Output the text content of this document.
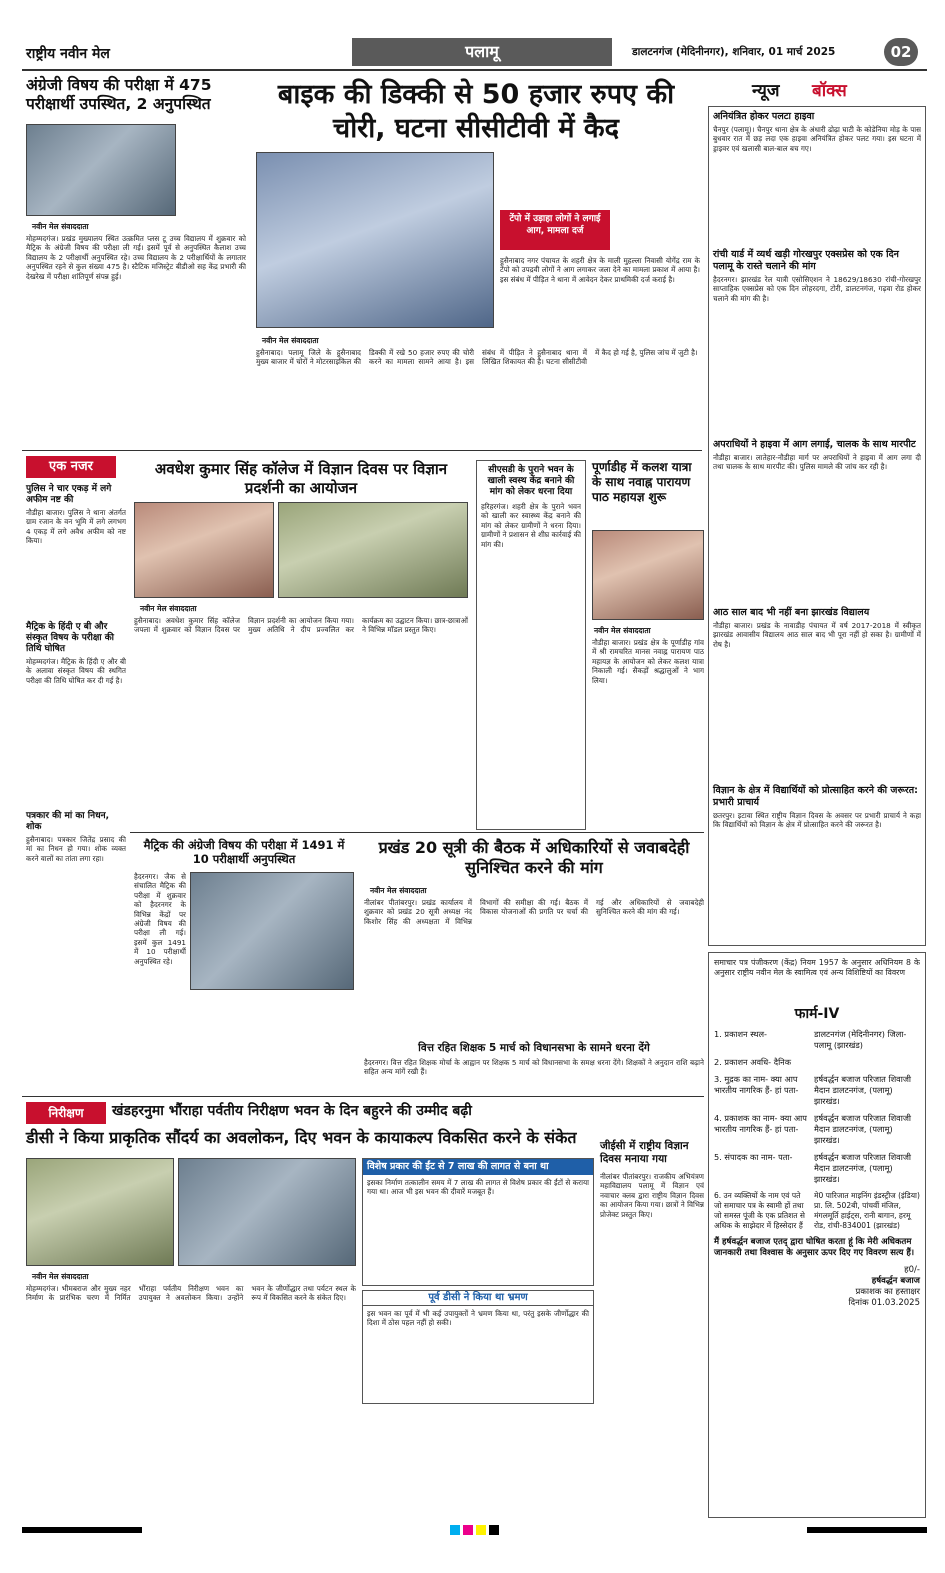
राष्ट्रीय नवीन मेल	पलामू	डालटनगंज (मेदिनीनगर), शनिवार, 01 मार्च 2025	02
अंग्रेजी विषय की परीक्षा में 475 परीक्षार्थी उपस्थित, 2 अनुपस्थित
नवीन मेल संवाददाता
मोहम्मदगंज। प्रखंड मुख्यालय स्थित उत्क्रमित प्लस टू उच्च विद्यालय में शुक्रवार को मैट्रिक के अंग्रेजी विषय की परीक्षा ली गई। इसमें पूर्व से अनुपस्थित कैलाश उच्च विद्यालय के 2 परीक्षार्थी अनुपस्थित रहे। उच्च विद्यालय के 2 परीक्षार्थियों के लगातार अनुपस्थित रहने से कुल संख्या 475 है। स्टैटिक मजिस्ट्रेट बीडीओ सह केंद्र प्रभारी की देखरेख में परीक्षा शांतिपूर्ण संपन्न हुई।
बाइक की डिक्की से 50 हजार रुपए की चोरी, घटना सीसीटीवी में कैद
टेंपो में उड़ाहा लोगों ने लगाई आग, मामला दर्ज
हुसैनाबाद नगर पंचायत के शहरी क्षेत्र के माली मुहल्ला निवासी योगेंद्र राम के टेंपो को उपद्रवी लोगों ने आग लगाकर जला देने का मामला प्रकाश में आया है। इस संबंध में पीड़ित ने थाना में आवेदन देकर प्राथमिकी दर्ज कराई है।
नवीन मेल संवाददाता
हुसैनाबाद। पलामू जिले के हुसैनाबाद मुख्य बाजार में चोरों ने मोटरसाइकिल की डिक्की में रखे 50 हजार रुपए की चोरी करने का मामला सामने आया है। इस संबंध में पीड़ित ने हुसैनाबाद थाना में लिखित शिकायत की है। घटना सीसीटीवी में कैद हो गई है, पुलिस जांच में जुटी है।
एक नजर
पुलिस ने चार एकड़ में लगे अफीम नष्ट की
नौडीहा बाजार। पुलिस ने थाना अंतर्गत ग्राम रजान के वन भूमि में लगे लगभग 4 एकड़ में लगे अवैध अफीम को नष्ट किया।
मैट्रिक के हिंदी ए बी और संस्कृत विषय के परीक्षा की तिथि घोषित
मोहम्मदगंज। मैट्रिक के हिंदी ए और बी के अलावा संस्कृत विषय की स्थगित परीक्षा की तिथि घोषित कर दी गई है।
पत्रकार की मां का निधन, शोक
हुसैनाबाद। पत्रकार जितेंद्र प्रसाद की मां का निधन हो गया। शोक व्यक्त करने वालों का तांता लगा रहा।
अवधेश कुमार सिंह कॉलेज में विज्ञान दिवस पर विज्ञान प्रदर्शनी का आयोजन
नवीन मेल संवाददाता
हुसैनाबाद। अवधेश कुमार सिंह कॉलेज जपला में शुक्रवार को विज्ञान दिवस पर विज्ञान प्रदर्शनी का आयोजन किया गया। मुख्य अतिथि ने दीप प्रज्वलित कर कार्यक्रम का उद्घाटन किया। छात्र-छात्राओं ने विभिन्न मॉडल प्रस्तुत किए।
सीएसडी के पुराने भवन के खाली स्वस्थ केंद्र बनाने की मांग को लेकर धरना दिया
हरिहरगंज। शहरी क्षेत्र के पुराने भवन को खाली कर स्वास्थ्य केंद्र बनाने की मांग को लेकर ग्रामीणों ने धरना दिया। ग्रामीणों ने प्रशासन से शीघ्र कार्रवाई की मांग की।
पूर्णाडीह में कलश यात्रा के साथ नवाह्न पारायण पाठ महायज्ञ शुरू
नवीन मेल संवाददाता
नौडीहा बाजार। प्रखंड क्षेत्र के पूर्णाडीह गांव में श्री रामचरित मानस नवाह्न पारायण पाठ महायज्ञ के आयोजन को लेकर कलश यात्रा निकाली गई। सैकड़ों श्रद्धालुओं ने भाग लिया।
मैट्रिक की अंग्रेजी विषय की परीक्षा में 1491 में 10 परीक्षार्थी अनुपस्थित
हैदरनगर। जैक से संचालित मैट्रिक की परीक्षा में शुक्रवार को हैदरनगर के विभिन्न केंद्रों पर अंग्रेजी विषय की परीक्षा ली गई। इसमें कुल 1491 में 10 परीक्षार्थी अनुपस्थित रहे।
प्रखंड 20 सूत्री की बैठक में अधिकारियों से जवाबदेही सुनिश्चित करने की मांग
नवीन मेल संवाददाता
नीलांबर पीतांबरपुर। प्रखंड कार्यालय में शुक्रवार को प्रखंड 20 सूत्री अध्यक्ष नंद किशोर सिंह की अध्यक्षता में विभिन्न विभागों की समीक्षा की गई। बैठक में विकास योजनाओं की प्रगति पर चर्चा की गई और अधिकारियों से जवाबदेही सुनिश्चित करने की मांग की गई।
वित्त रहित शिक्षक 5 मार्च को विधानसभा के सामने धरना देंगे
हैदरनगर। वित्त रहित शिक्षक मोर्चा के आह्वान पर शिक्षक 5 मार्च को विधानसभा के समक्ष धरना देंगे। शिक्षकों ने अनुदान राशि बढ़ाने सहित अन्य मांगें रखी हैं।
निरीक्षण	खंडहरनुमा भौंराहा पर्वतीय निरीक्षण भवन के दिन बहुरने की उम्मीद बढ़ी
डीसी ने किया प्राकृतिक सौंदर्य का अवलोकन, दिए भवन के कायाकल्प विकसित करने के संकेत
विशेष प्रकार की ईंट से 7 लाख की लागत से बना था
इसका निर्माण तत्कालीन समय में 7 लाख की लागत से विशेष प्रकार की ईंटों से कराया गया था। आज भी इस भवन की दीवारें मजबूत हैं।
नवीन मेल संवाददाता
मोहम्मदगंज। भीमबराज और मुख्य नहर निर्माण के प्रारंभिक चरण में निर्मित भौंराहा पर्वतीय निरीक्षण भवन का उपायुक्त ने अवलोकन किया। उन्होंने भवन के जीर्णोद्धार तथा पर्यटन स्थल के रूप में विकसित करने के संकेत दिए।	पूर्व डीसी ने किया था भ्रमण
इस भवन का पूर्व में भी कई उपायुक्तों ने भ्रमण किया था, परंतु इसके जीर्णोद्धार की दिशा में ठोस पहल नहीं हो सकी।
जीईसी में राष्ट्रीय विज्ञान दिवस मनाया गया
नीलांबर पीतांबरपुर। राजकीय अभियंत्रण महाविद्यालय पलामू में विज्ञान एवं नवाचार क्लब द्वारा राष्ट्रीय विज्ञान दिवस का आयोजन किया गया। छात्रों ने विभिन्न प्रोजेक्ट प्रस्तुत किए।
न्यूज बॉक्स
अनियंत्रित होकर पलटा हाइवा
चैनपुर (पलामू)। चैनपुर थाना क्षेत्र के अंधारी ढोढ़ा घाटी के कोडेनिया मोड़ के पास बुधवार रात में छड़ लदा एक हाइवा अनियंत्रित होकर पलट गया। इस घटना में ड्राइवर एवं खलासी बाल-बाल बच गए।
रांची यार्ड में व्यर्थ खड़ी गोरखपुर एक्सप्रेस को एक दिन पलामू के रास्ते चलाने की मांग
हैदरनगर। झारखंड रेल यात्री एसोसिएशन ने 18629/18630 रांची-गोरखपुर साप्ताहिक एक्सप्रेस को एक दिन लोहरदगा, टोरी, डालटनगंज, गढ़वा रोड होकर चलाने की मांग की है।
अपराधियों ने हाइवा में आग लगाई, चालक के साथ मारपीट
नौडीहा बाजार। लातेहार-नौडीहा मार्ग पर अपराधियों ने हाइवा में आग लगा दी तथा चालक के साथ मारपीट की। पुलिस मामले की जांच कर रही है।
आठ साल बाद भी नहीं बना झारखंड विद्यालय
नौडीहा बाजार। प्रखंड के नावाडीह पंचायत में वर्ष 2017-2018 में स्वीकृत झारखंड आवासीय विद्यालय आठ साल बाद भी पूरा नहीं हो सका है। ग्रामीणों में रोष है।
विज्ञान के क्षेत्र में विद्यार्थियों को प्रोत्साहित करने की जरूरत: प्रभारी प्राचार्य
छतरपुर। इटावा स्थित राष्ट्रीय विज्ञान दिवस के अवसर पर प्रभारी प्राचार्य ने कहा कि विद्यार्थियों को विज्ञान के क्षेत्र में प्रोत्साहित करने की जरूरत है।
समाचार पत्र पंजीकरण (केंद्र) नियम 1957 के अनुसार अधिनियम 8 के अनुसार राष्ट्रीय नवीन मेल के स्वामित्व एवं अन्य विशिष्टियों का विवरण
फार्म-IV
1. प्रकाशन स्थल-	डालटनगंज (मेदिनीनगर) जिला- पलामू (झारखंड)
2. प्रकाशन अवधि- दैनिक
3. मुद्रक का नाम- क्या आप भारतीय नागरिक हैं- हां पता-
हर्षवर्द्धन बजाज परिजात शिवाजी मैदान डालटनगंज, (पलामू) झारखंड।
4. प्रकाशक का नाम- क्या आप भारतीय नागरिक हैं- हां पता-
हर्षवर्द्धन बजाज परिजात शिवाजी मैदान डालटनगंज, (पलामू) झारखंड।
5. संपादक का नाम- पता-	हर्षवर्द्धन बजाज परिजात शिवाजी मैदान डालटनगंज, (पलामू) झारखंड।
6. उन व्यक्तियों के नाम एवं पते जो समाचार पत्र के स्वामी हों तथा जो समस्त पूंजी के एक प्रतिशत से अधिक के साझेदार में हिस्सेदार हैं
मे0 पारिजात माइनिंग इंडस्ट्रीज (इंडिया) प्रा. लि. 502बी, पांचवीं मंजिल, मंगलमूर्ति हाईट्स, रानी बागान, हरमू रोड, रांची-834001 (झारखंड)
मैं हर्षवर्द्धन बजाज एतद् द्वारा घोषित करता हूं कि मेरी अधिकतम जानकारी तथा विश्वास के अनुसार ऊपर दिए गए विवरण सत्य हैं।
ह0/-
हर्षवर्द्धन बजाज
प्रकाशक का हस्ताक्षर
दिनांक 01.03.2025
